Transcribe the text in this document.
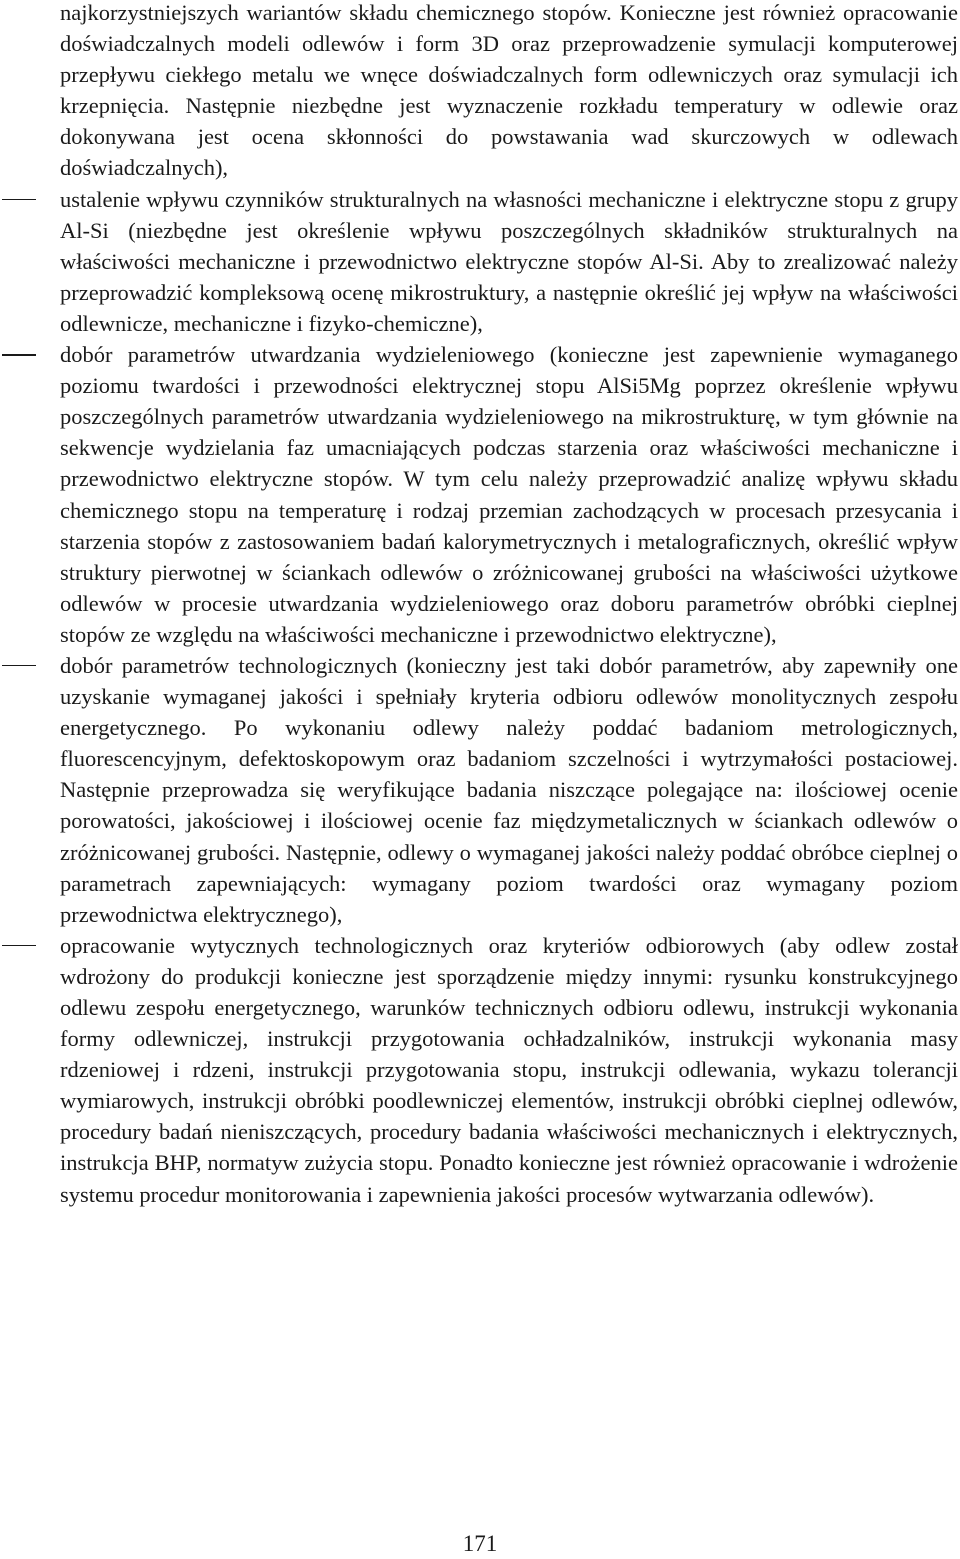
najkorzystniejszych wariantów składu chemicznego stopów. Konieczne jest również opracowanie doświadczalnych modeli odlewów i form 3D oraz przeprowadzenie symulacji komputerowej przepływu ciekłego metalu we wnęce doświadczalnych form odlewniczych oraz symulacji ich krzepnięcia. Następnie niezbędne jest wyznaczenie rozkładu temperatury w odlewie oraz dokonywana jest ocena skłonności do powstawania wad skurczowych w odlewach doświadczalnych),

ustalenie wpływu czynników strukturalnych na własności mechaniczne i elektryczne stopu z grupy Al-Si (niezbędne jest określenie wpływu poszczególnych składników strukturalnych na właściwości mechaniczne i przewodnictwo elektryczne stopów Al-Si. Aby to zrealizować należy przeprowadzić kompleksową ocenę mikrostruktury, a następnie określić jej wpływ na właściwości odlewnicze, mechaniczne i fizyko-chemiczne),
dobór parametrów utwardzania wydzieleniowego (konieczne jest zapewnienie wymaganego poziomu twardości i przewodności elektrycznej stopu AlSi5Mg poprzez określenie wpływu poszczególnych parametrów utwardzania wydzieleniowego na mikrostrukturę, w tym głównie na sekwencje wydzielania faz umacniających podczas starzenia oraz właściwości mechaniczne i przewodnictwo elektryczne stopów. W tym celu należy przeprowadzić analizę wpływu składu chemicznego stopu na temperaturę i rodzaj przemian zachodzących w procesach przesycania i starzenia stopów z zastosowaniem badań kalorymetrycznych i metalograficznych, określić wpływ struktury pierwotnej w ściankach odlewów o zróżnicowanej grubości na właściwości użytkowe odlewów w procesie utwardzania wydzieleniowego oraz doboru parametrów obróbki cieplnej stopów ze względu na właściwości mechaniczne i przewodnictwo elektryczne),
dobór parametrów technologicznych (konieczny jest taki dobór parametrów, aby zapewniły one uzyskanie wymaganej jakości i spełniały kryteria odbioru odlewów monolitycznych zespołu energetycznego. Po wykonaniu odlewy należy poddać badaniom metrologicznych, fluorescencyjnym, defektoskopowym oraz badaniom szczelności i wytrzymałości postaciowej. Następnie przeprowadza się weryfikujące badania niszczące polegające na: ilościowej ocenie porowatości, jakościowej i ilościowej ocenie faz międzymetalicznych w ściankach odlewów o zróżnicowanej grubości. Następnie, odlewy o wymaganej jakości należy poddać obróbce cieplnej o parametrach zapewniających: wymagany poziom twardości oraz wymagany poziom przewodnictwa elektrycznego),
opracowanie wytycznych technologicznych oraz kryteriów odbiorowych (aby odlew został wdrożony do produkcji konieczne jest sporządzenie między innymi: rysunku konstrukcyjnego odlewu zespołu energetycznego, warunków technicznych odbioru odlewu, instrukcji wykonania formy odlewniczej, instrukcji przygotowania ochładzalników, instrukcji wykonania masy rdzeniowej i rdzeni, instrukcji przygotowania stopu, instrukcji odlewania, wykazu tolerancji wymiarowych, instrukcji obróbki poodlewniczej elementów, instrukcji obróbki cieplnej odlewów, procedury badań nieniszczących, procedury badania właściwości mechanicznych i elektrycznych, instrukcja BHP, normatyw zużycia stopu. Ponadto konieczne jest również opracowanie i wdrożenie systemu procedur monitorowania i zapewnienia jakości procesów wytwarzania odlewów).
171
